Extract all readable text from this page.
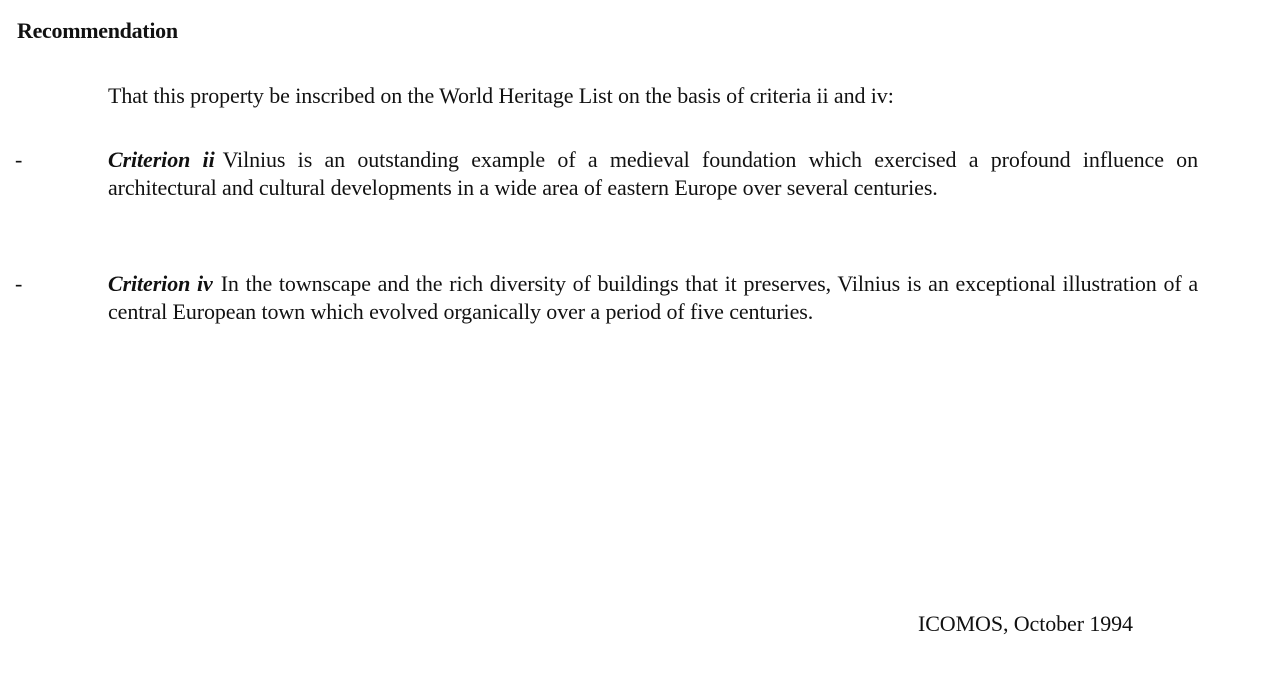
Recommendation
That this property be inscribed on the World Heritage List on the basis of criteria ii and iv:
-	Criterion ii Vilnius is an outstanding example of a medieval foundation which exercised a profound influence on architectural and cultural developments in a wide area of eastern Europe over several centuries.
-	Criterion iv In the townscape and the rich diversity of buildings that it preserves, Vilnius is an exceptional illustration of a central European town which evolved organically over a period of five centuries.
ICOMOS, October 1994
